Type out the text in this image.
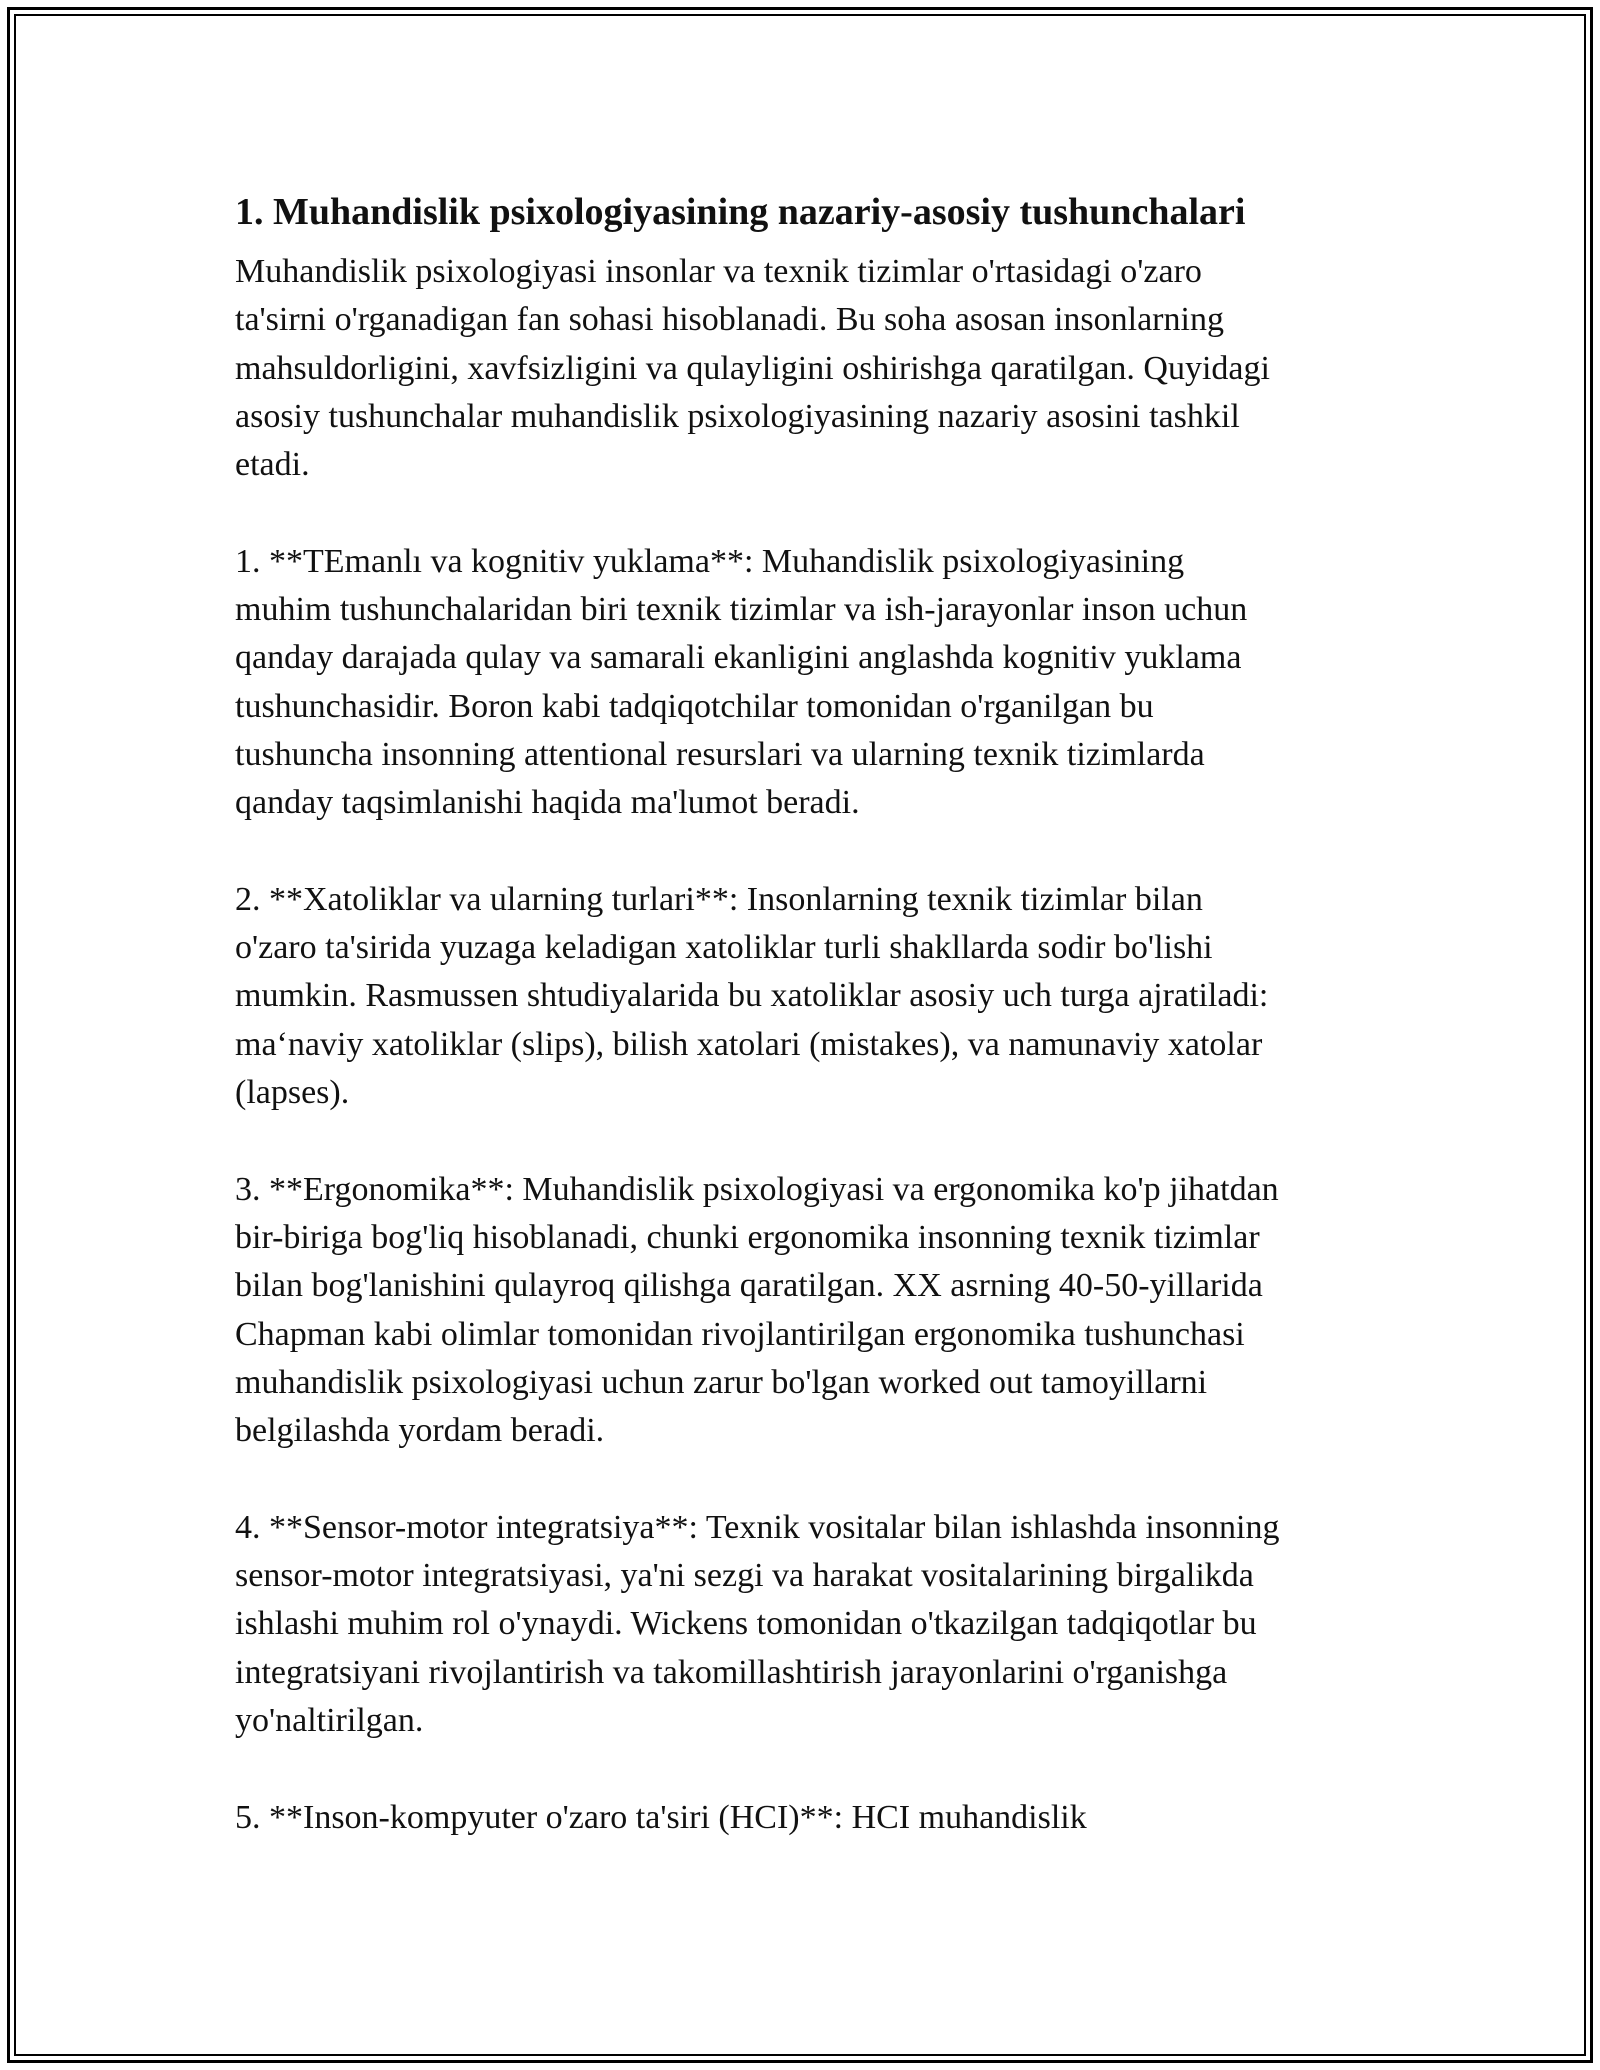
1. Muhandislik psixologiyasining nazariy-asosiy tushunchalari
Muhandislik psixologiyasi insonlar va texnik tizimlar o'rtasidagi o'zaro
ta'sirni o'rganadigan fan sohasi hisoblanadi. Bu soha asosan insonlarning
mahsuldorligini, xavfsizligini va qulayligini oshirishga qaratilgan. Quyidagi
asosiy tushunchalar muhandislik psixologiyasining nazariy asosini tashkil
etadi.
1. **TEmanlı va kognitiv yuklama**: Muhandislik psixologiyasining
muhim tushunchalaridan biri texnik tizimlar va ish-jarayonlar inson uchun
qanday darajada qulay va samarali ekanligini anglashda kognitiv yuklama
tushunchasidir. Boron kabi tadqiqotchilar tomonidan o'rganilgan bu
tushuncha insonning attentional resurslari va ularning texnik tizimlarda
qanday taqsimlanishi haqida ma'lumot beradi.
2. **Xatoliklar va ularning turlari**: Insonlarning texnik tizimlar bilan
o'zaro ta'sirida yuzaga keladigan xatoliklar turli shakllarda sodir bo'lishi
mumkin. Rasmussen shtudiyalarida bu xatoliklar asosiy uch turga ajratiladi:
ma‘naviy xatoliklar (slips), bilish xatolari (mistakes), va namunaviy xatolar
(lapses).
3. **Ergonomika**: Muhandislik psixologiyasi va ergonomika ko'p jihatdan
bir-biriga bog'liq hisoblanadi, chunki ergonomika insonning texnik tizimlar
bilan bog'lanishini qulayroq qilishga qaratilgan. XX asrning 40-50-yillarida
Chapman kabi olimlar tomonidan rivojlantirilgan ergonomika tushunchasi
muhandislik psixologiyasi uchun zarur bo'lgan worked out tamoyillarni
belgilashda yordam beradi.
4. **Sensor-motor integratsiya**: Texnik vositalar bilan ishlashda insonning
sensor-motor integratsiyasi, ya'ni sezgi va harakat vositalarining birgalikda
ishlashi muhim rol o'ynaydi. Wickens tomonidan o'tkazilgan tadqiqotlar bu
integratsiyani rivojlantirish va takomillashtirish jarayonlarini o'rganishga
yo'naltirilgan.
5. **Inson-kompyuter o'zaro ta'siri (HCI)**: HCI muhandislik
